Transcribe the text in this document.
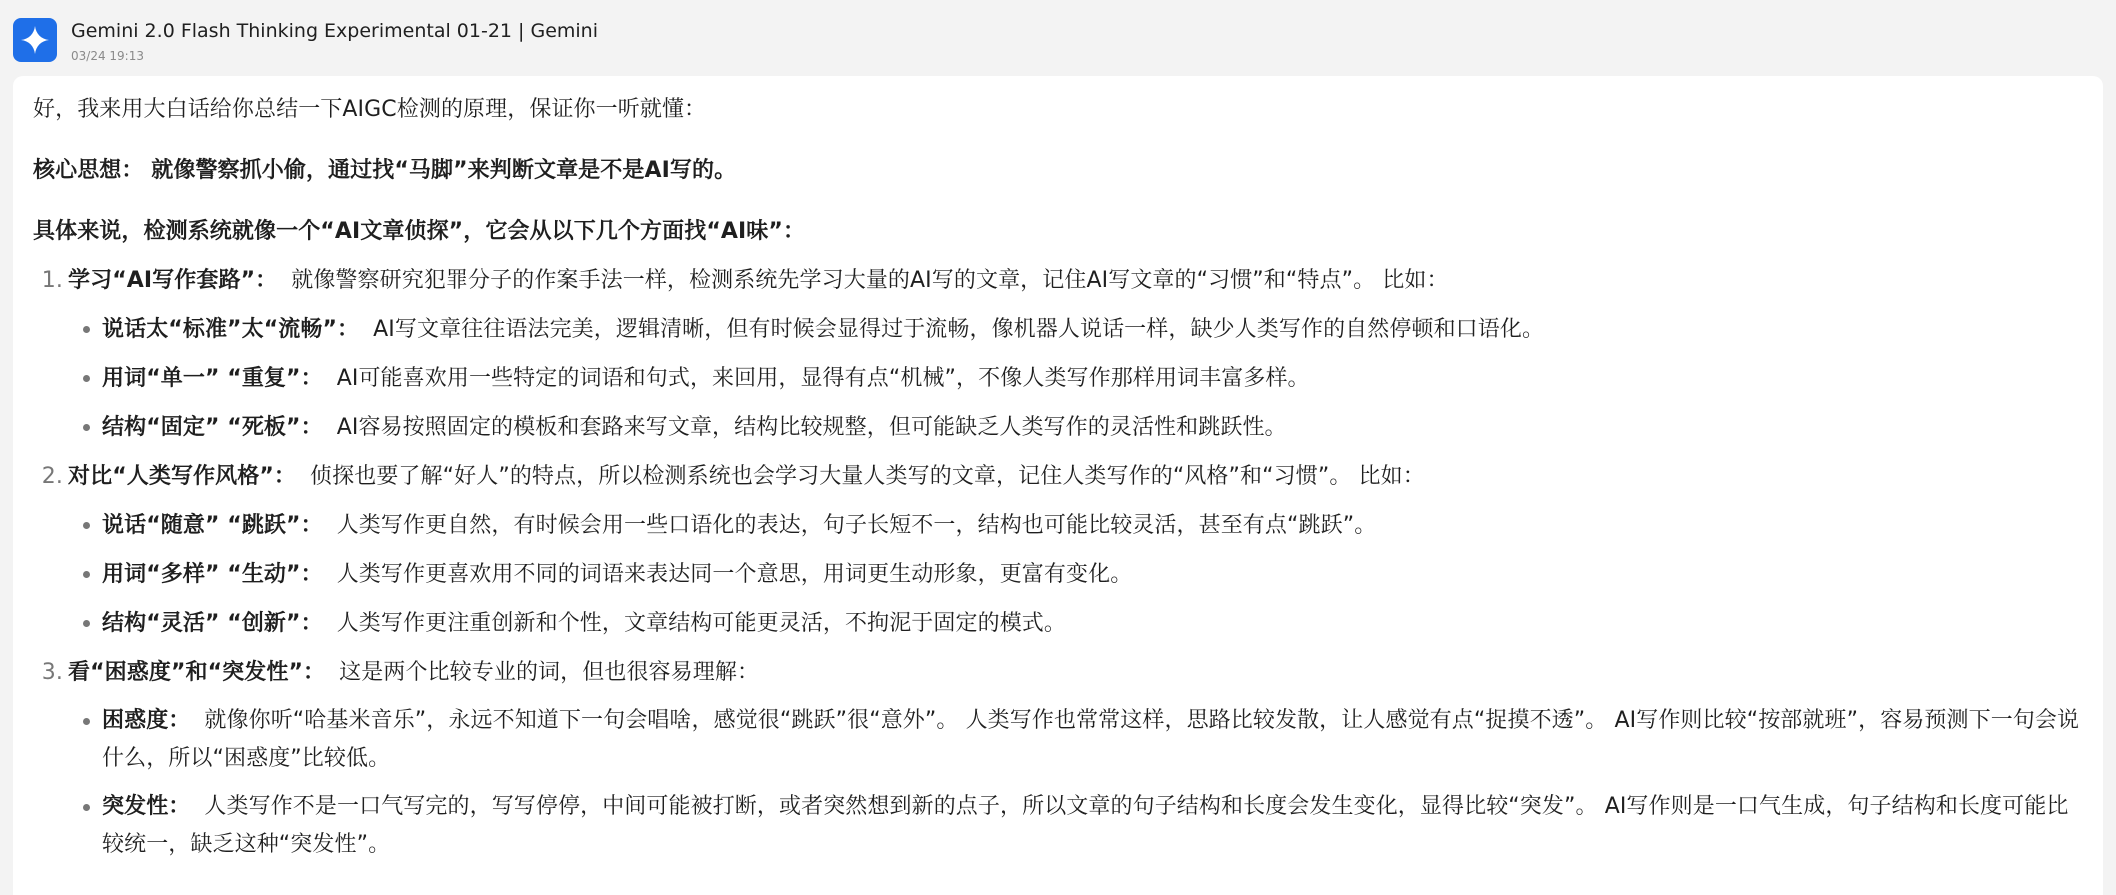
Gemini 2.0 Flash Thinking Experimental 01-21 | Gemini
03/24 19:13

好，我来用大白话给你总结一下AIGC检测的原理，保证你一听就懂：

核心思想： 就像警察抓小偷，通过找“马脚”来判断文章是不是AI写的。

具体来说，检测系统就像一个“AI文章侦探”，它会从以下几个方面找“AI味”：

1. 学习“AI写作套路”： 就像警察研究犯罪分子的作案手法一样，检测系统先学习大量的AI写的文章，记住AI写文章的“习惯”和“特点”。 比如：
说话太“标准”太“流畅”： AI写文章往往语法完美，逻辑清晰，但有时候会显得过于流畅，像机器人说话一样，缺少人类写作的自然停顿和口语化。
用词“单一” “重复”： AI可能喜欢用一些特定的词语和句式，来回用，显得有点“机械”，不像人类写作那样用词丰富多样。
结构“固定” “死板”： AI容易按照固定的模板和套路来写文章，结构比较规整，但可能缺乏人类写作的灵活性和跳跃性。
2. 对比“人类写作风格”： 侦探也要了解“好人”的特点，所以检测系统也会学习大量人类写的文章，记住人类写作的“风格”和“习惯”。 比如：
说话“随意” “跳跃”： 人类写作更自然，有时候会用一些口语化的表达，句子长短不一，结构也可能比较灵活，甚至有点“跳跃”。
用词“多样” “生动”： 人类写作更喜欢用不同的词语来表达同一个意思，用词更生动形象，更富有变化。
结构“灵活” “创新”： 人类写作更注重创新和个性，文章结构可能更灵活，不拘泥于固定的模式。
3. 看“困惑度”和“突发性”： 这是两个比较专业的词，但也很容易理解：
困惑度： 就像你听“哈基米音乐”，永远不知道下一句会唱啥，感觉很“跳跃”很“意外”。 人类写作也常常这样，思路比较发散，让人感觉有点“捉摸不透”。 AI写作则比较“按部就班”，容易预测下一句会说什么，所以“困惑度”比较低。
突发性： 人类写作不是一口气写完的，写写停停，中间可能被打断，或者突然想到新的点子，所以文章的句子结构和长度会发生变化，显得比较“突发”。 AI写作则是一口气生成，句子结构和长度可能比较统一，缺乏这种“突发性”。
